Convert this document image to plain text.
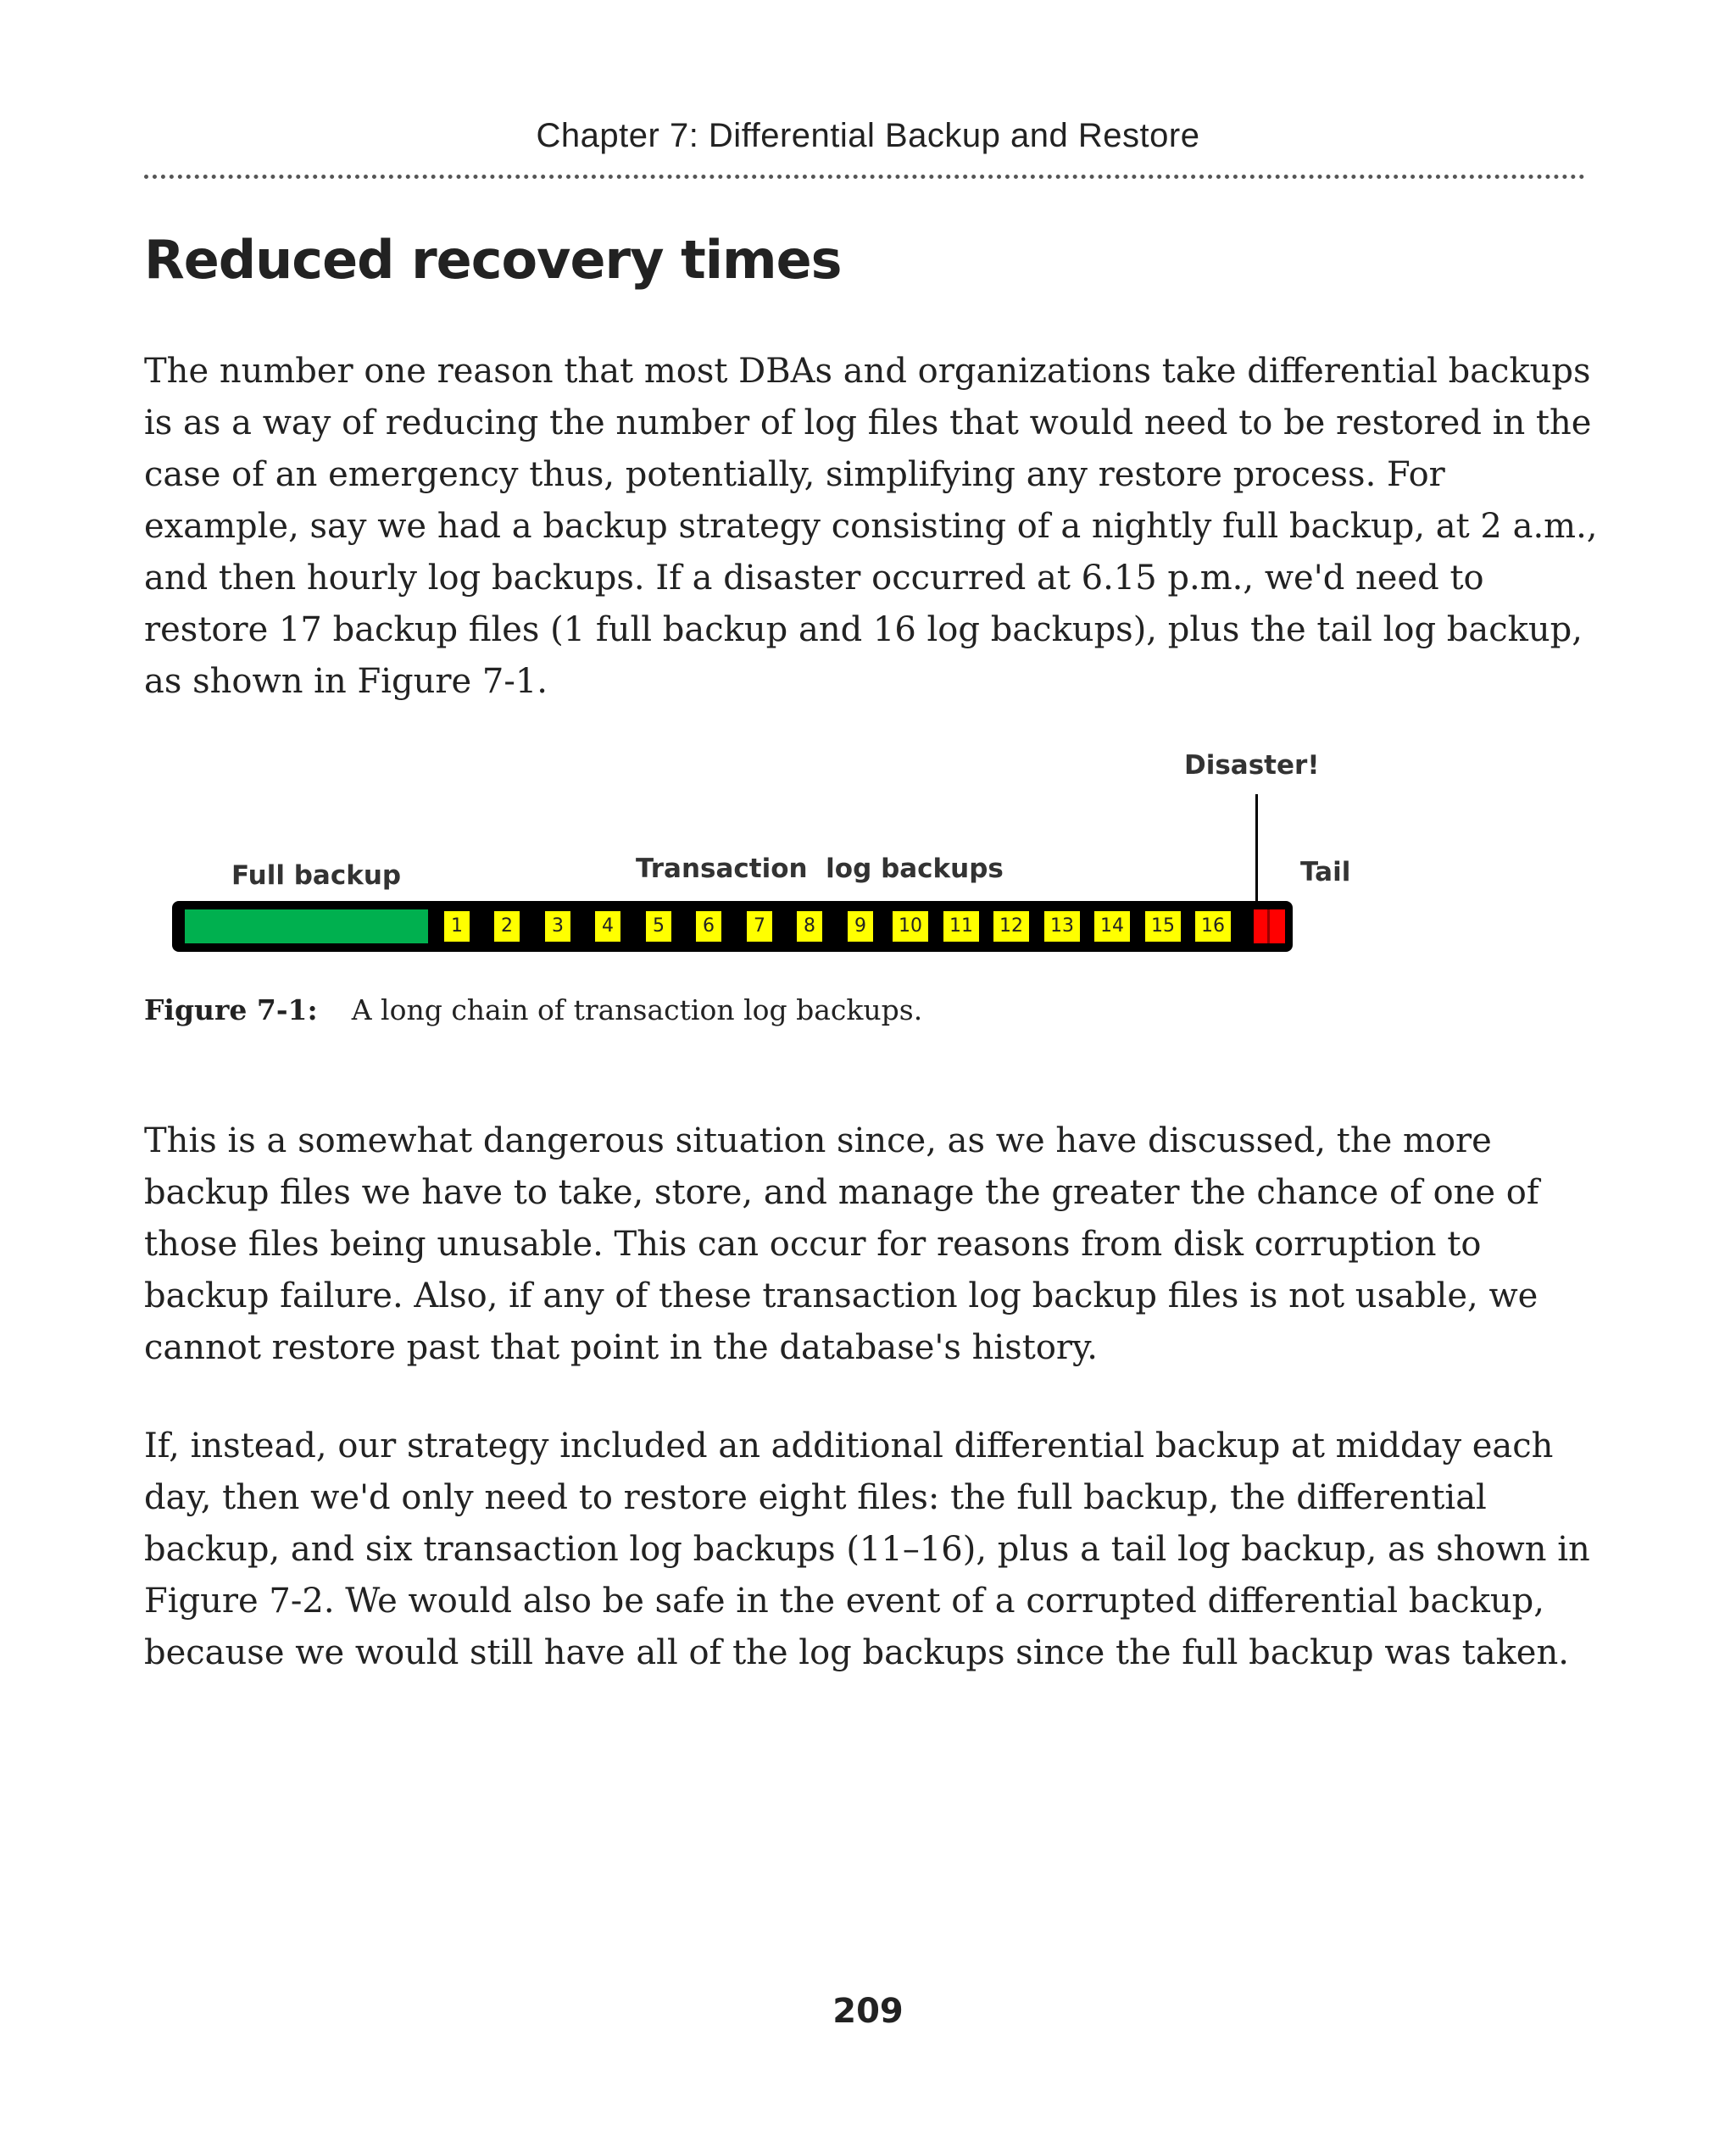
Chapter 7: Differential Backup and Restore
Reduced recovery times

The number one reason that most DBAs and organizations take differential backups is as a way of reducing the number of log files that would need to be restored in the case of an emergency thus, potentially, simplifying any restore process. For example, say we had a backup strategy consisting of a nightly full backup, at 2 a.m., and then hourly log backups. If a disaster occurred at 6.15 p.m., we'd need to restore 17 backup files (1 full backup and 16 log backups), plus the tail log backup, as shown in Figure 7-1.

Disaster!
Full backup	Transaction  log backups	Tail
1	2	3	4	5	6	7	8	9	10	11	12	13	14	15	16
Figure 7-1: A long chain of transaction log backups.

This is a somewhat dangerous situation since, as we have discussed, the more backup files we have to take, store, and manage the greater the chance of one of those files being unusable. This can occur for reasons from disk corruption to backup failure. Also, if any of these transaction log backup files is not usable, we cannot restore past that point in the database's history.

If, instead, our strategy included an additional differential backup at midday each day, then we'd only need to restore eight files: the full backup, the differential backup, and six transaction log backups (11–16), plus a tail log backup, as shown in Figure 7-2. We would also be safe in the event of a corrupted differential backup, because we would still have all of the log backups since the full backup was taken.

209
